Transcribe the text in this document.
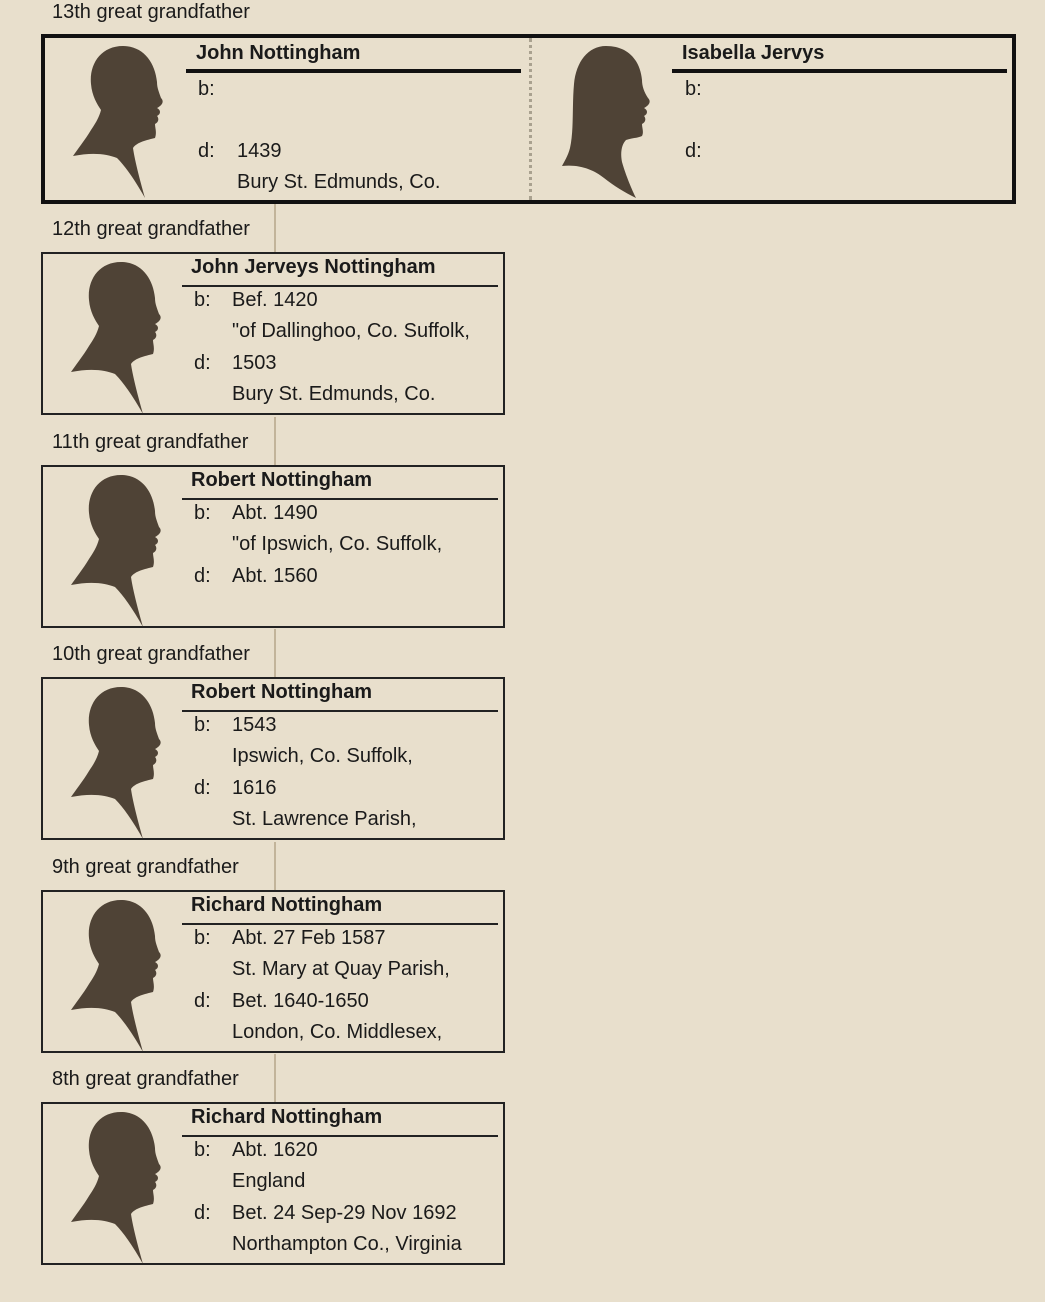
13th great grandfather
John Nottingham
b:
d: 1439
Bury St. Edmunds, Co.
Isabella Jervys
b:
d:
12th great grandfather
John Jerveys Nottingham
b: Bef. 1420
"of Dallinghoo, Co. Suffolk,
d: 1503
Bury St. Edmunds, Co.
11th great grandfather
Robert Nottingham
b: Abt. 1490
"of Ipswich, Co. Suffolk,
d: Abt. 1560
10th great grandfather
Robert Nottingham
b: 1543
Ipswich, Co. Suffolk,
d: 1616
St. Lawrence Parish,
9th great grandfather
Richard Nottingham
b: Abt. 27 Feb 1587
St. Mary at Quay Parish,
d: Bet. 1640-1650
London, Co. Middlesex,
8th great grandfather
Richard Nottingham
b: Abt. 1620
England
d: Bet. 24 Sep-29 Nov 1692
Northampton Co., Virginia
